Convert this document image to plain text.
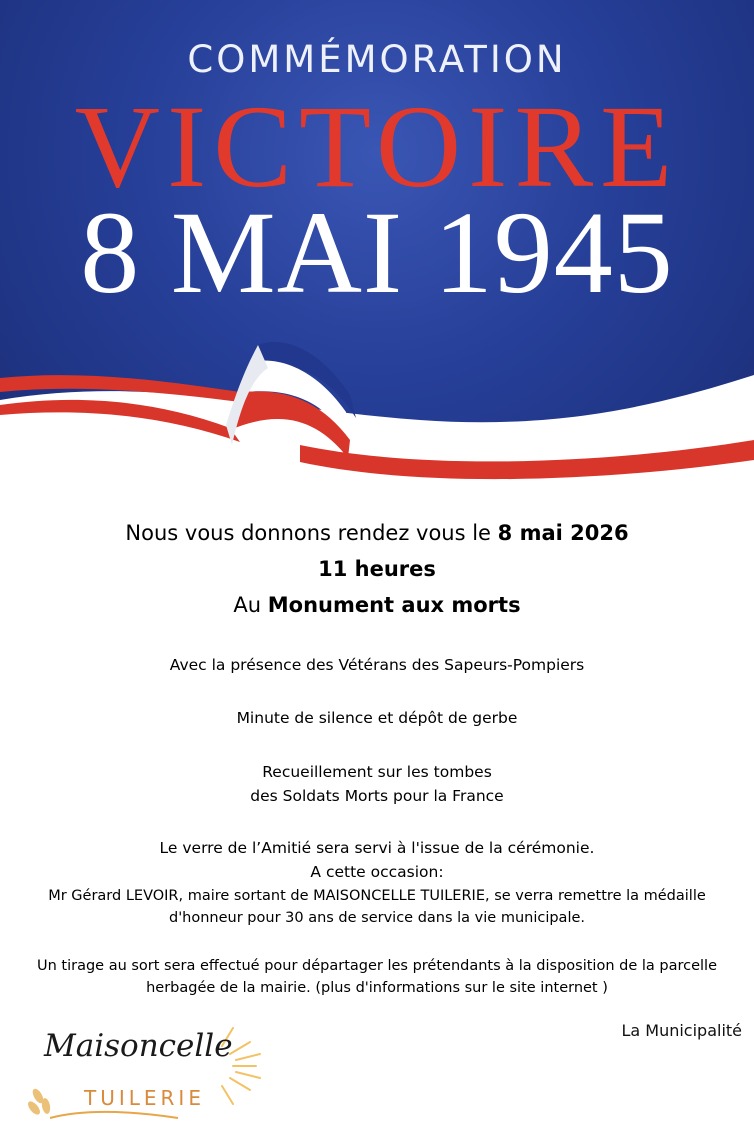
COMMÉMORATION
VICTOIRE
8 MAI 1945
Nous vous donnons rendez vous le 8 mai 2026
11 heures
Au Monument aux morts
Avec la présence des Vétérans des Sapeurs-Pompiers
Minute de silence et dépôt de gerbe
Recueillement sur les tombes
des Soldats Morts pour la France
Le verre de l’Amitié sera servi à l'issue de la cérémonie.
A cette occasion:
Mr Gérard LEVOIR, maire sortant de MAISONCELLE TUILERIE, se verra remettre la médaille
d'honneur pour 30 ans de service dans la vie municipale.
Un tirage au sort sera effectué pour départager les prétendants à la disposition de la parcelle
herbagée de la mairie. (plus d'informations sur le site internet )
La Municipalité
Maisoncelle
TUILERIE
